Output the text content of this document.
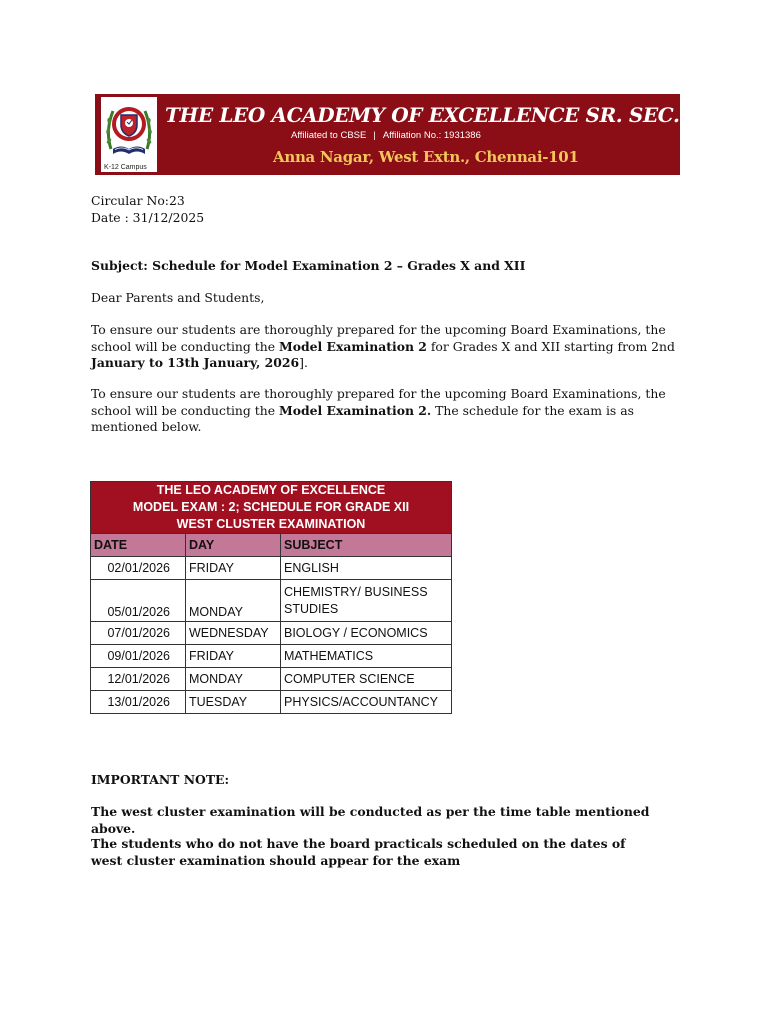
K-12 Campus
THE LEO ACADEMY OF EXCELLENCE SR. SEC. SCHOOL
Affiliated to CBSE | Affiliation No.: 1931386
Anna Nagar, West Extn., Chennai-101
Circular No:23
Date : 31/12/2025
Subject: Schedule for Model Examination 2 – Grades X and XII
Dear Parents and Students,
To ensure our students are thoroughly prepared for the upcoming Board Examinations, the school will be conducting the Model Examination 2 for Grades X and XII starting from 2nd January to 13th January, 2026].
To ensure our students are thoroughly prepared for the upcoming Board Examinations, the school will be conducting the Model Examination 2. The schedule for the exam is as mentioned below.
THE LEO ACADEMY OF EXCELLENCE
MODEL EXAM : 2; SCHEDULE FOR GRADE XII
WEST CLUSTER EXAMINATION		

DATE	DAY	SUBJECT
02/01/2026	FRIDAY	ENGLISH
05/01/2026	MONDAY	CHEMISTRY/ BUSINESS STUDIES
07/01/2026	WEDNESDAY	BIOLOGY / ECONOMICS
09/01/2026	FRIDAY	MATHEMATICS
12/01/2026	MONDAY	COMPUTER SCIENCE
13/01/2026	TUESDAY	PHYSICS/ACCOUNTANCY
IMPORTANT NOTE:
The west cluster examination will be conducted as per the time table mentioned above.
The students who do not have the board practicals scheduled on the dates of west cluster examination should appear for the exam
